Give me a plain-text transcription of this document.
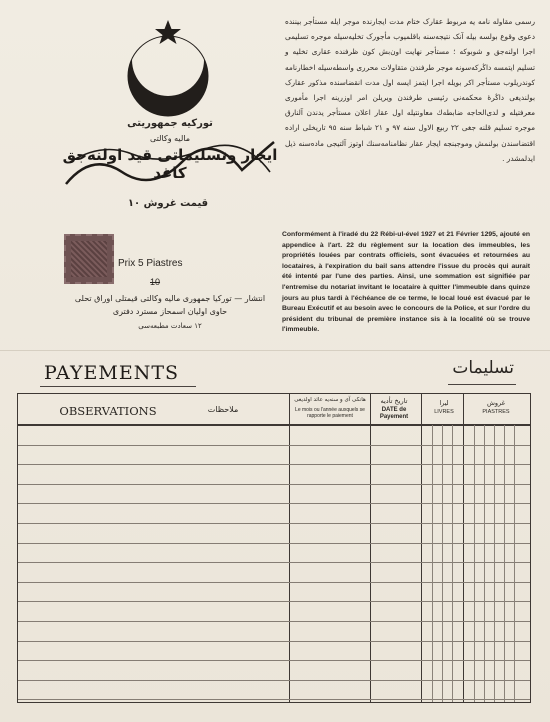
تورکیه جمهوریتی
مالیه وکالتی
ایجار وتسلیماتی قید اولنه‌جق کاغد
قیمت غروش ١٠
Prix 5 Piastres
10
انتشار — تورکیا جمهوری مالیه وکالتی قیمتلی اوراق تحلی
حاوی اولیان اسمحاز مسترد دفتری
١٢ سعادت مطبعه‌سی
رسمی مقاوله نامه یه مربوط عقارک ختام مدت ایجارنده موجر ایله مستأجر بیننده دعوی وقوع بولسه بیله آنک نتیجه‌سنه باقلمیوب مأجورک تخلیه‌سیله موجره تسلیمی اجرا اولنه‌جق و شوبوکه ؛ مستأجر نهایت اون‌بش کون ظرفنده عقاری تخلیه و تسلیم ایتمسه داڭرکه‌سونه موجر طرفندن متقاولات محرری واسطه‌سیله اخطارنامه کوندریلوب مستأجر اکر بویله اجرا ایتمز ایسه اول مدت انقضاسنده مذکور عقارک بولندیغی داڭرهٔ محکمه‌نی رئیسی طرفندن ویریلن امر اوزرینه اجرا مأموری معرفتیله و لدی‌الحاجه ضابطه‌ك معاونتیله اول عقار اعلان مستأجر یدندن آلنارق موجره تسلیم قلنه جغی ٢٢ ربیع الاول سنه ٩٧ و ٢١ شباط سنه ٩٥ تاریخلی اراده اقتضاسندن بولنمش وموجبنجه ایجار عقار نظامنامه‌سنك اوتوز آلتیجی ماده‌سنه ذیل ایدلمشدر .
Conformément à l'iradé du 22 Rébi-ul-ével 1927 et 21 Février 1295, ajouté en appendice à l'art. 22 du règlement sur la location des immeubles, les propriétés louées par contrats officiels, sont évacuées et retournées au locataires, à l'expiration du bail sans attendre l'issue du procès qui aurait été intenté par l'une des parties. Ainsi, une sommation est signifiée par l'entremise du notariat invitant le locataire à quitter l'immeuble dans quinze jours au plus tardi à l'échéance de ce terme, le local loué est évacué par le Bureau Exécutif et au besoin avec le concours de la Police, et sur l'ordre du président du tribunal de première instance sis à la localité où se trouve l'immeuble.
PAYEMENTS	تسلیمات
OBSERVATIONS	ملاحظات
هانکی آی و سنه‌یه عائد اولدیغی
Le mois ou l'année auxquels se rapporte le paiement
تاریخ تأدیه
DATE de Payement
لیرا
LIVRES
غروش
PIASTRES
